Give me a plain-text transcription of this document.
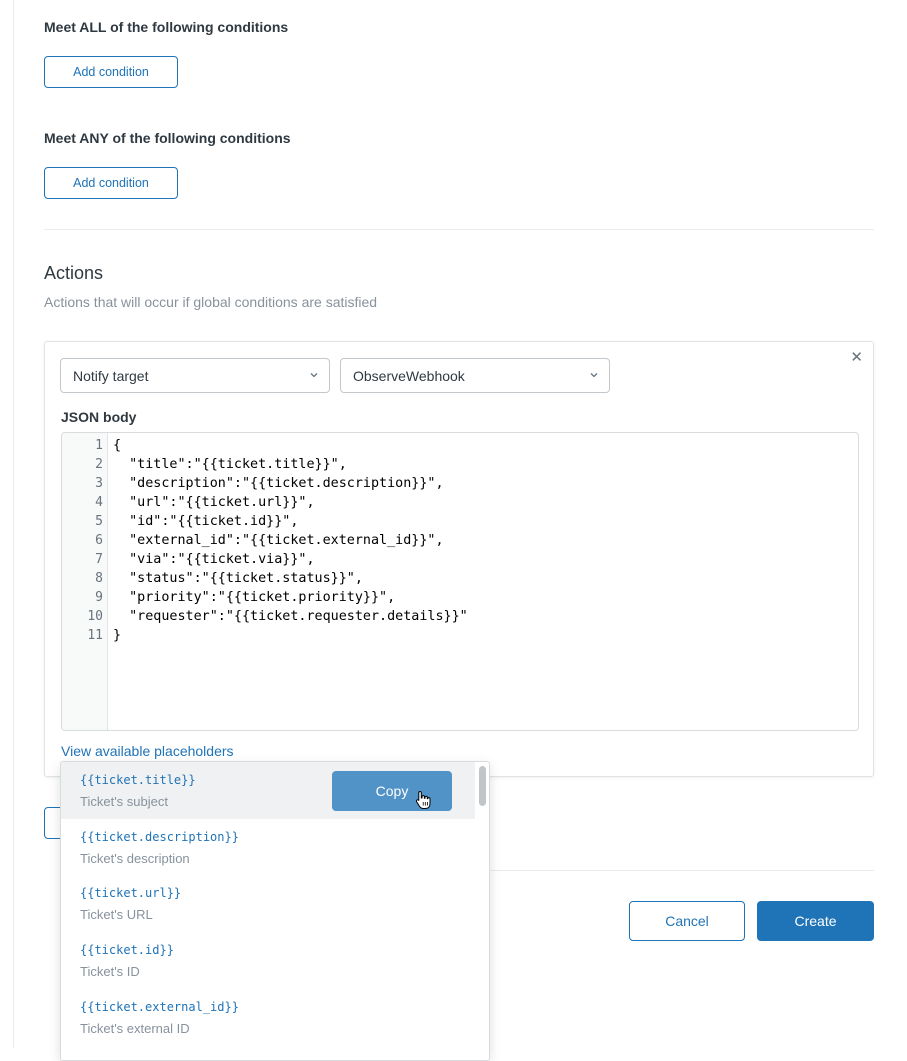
Meet ALL of the following conditions
Add condition
Meet ANY of the following conditions
Add condition
Actions
Actions that will occur if global conditions are satisfied
✕
Notify target	ObserveWebhook
JSON body
1
2
3
4
5
6
7
8
9
10
11
{
"title":"{{ticket.title}}",
"description":"{{ticket.description}}",
"url":"{{ticket.url}}",
"id":"{{ticket.id}}",
"external_id":"{{ticket.external_id}}",
"via":"{{ticket.via}}",
"status":"{{ticket.status}}",
"priority":"{{ticket.priority}}",
"requester":"{{ticket.requester.details}}"
}
View available placeholders
Cancel	Create
{{ticket.title}}
Ticket's subject
Copy
{{ticket.description}}
Ticket's description
{{ticket.url}}
Ticket's URL
{{ticket.id}}
Ticket's ID
{{ticket.external_id}}
Ticket's external ID
